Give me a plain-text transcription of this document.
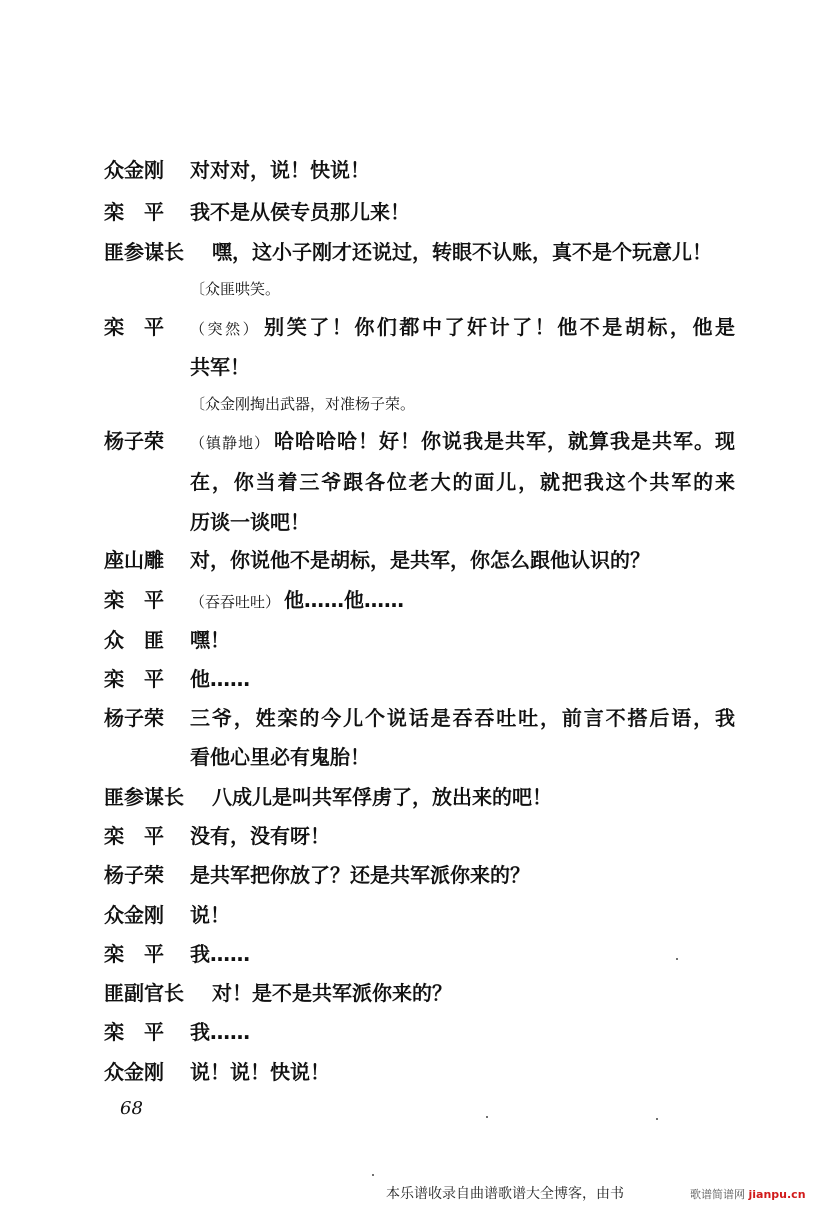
众金刚 对对对，说！快说！
栾　平 我不是从侯专员那儿来！
匪参谋长 嘿，这小子刚才还说过，转眼不认账，真不是个玩意儿！
〔众匪哄笑。
栾　平 （突然） 别笑了！你们都中了奸计了！他不是胡标，他是
共军！
〔众金刚掏出武器，对准杨子荣。
杨子荣 （镇静地） 哈哈哈哈！好！你说我是共军，就算我是共军。现
在，你当着三爷跟各位老大的面儿，就把我这个共军的来
历谈一谈吧！
座山雕 对，你说他不是胡标，是共军，你怎么跟他认识的？
栾　平 （吞吞吐吐） 他……他……
众　匪 嘿！
栾　平 他……
杨子荣 三爷，姓栾的今儿个说话是吞吞吐吐，前言不搭后语，我
看他心里必有鬼胎！
匪参谋长 八成儿是叫共军俘虏了，放出来的吧！
栾　平 没有，没有呀！
杨子荣 是共军把你放了？还是共军派你来的？
众金刚 说！
栾　平 我……
匪副官长 对！是不是共军派你来的？
栾　平 我……
众金刚 说！说！快说！
68
本乐谱收录自曲谱歌谱大全博客，由书	歌谱简谱网 jianpu.cn
